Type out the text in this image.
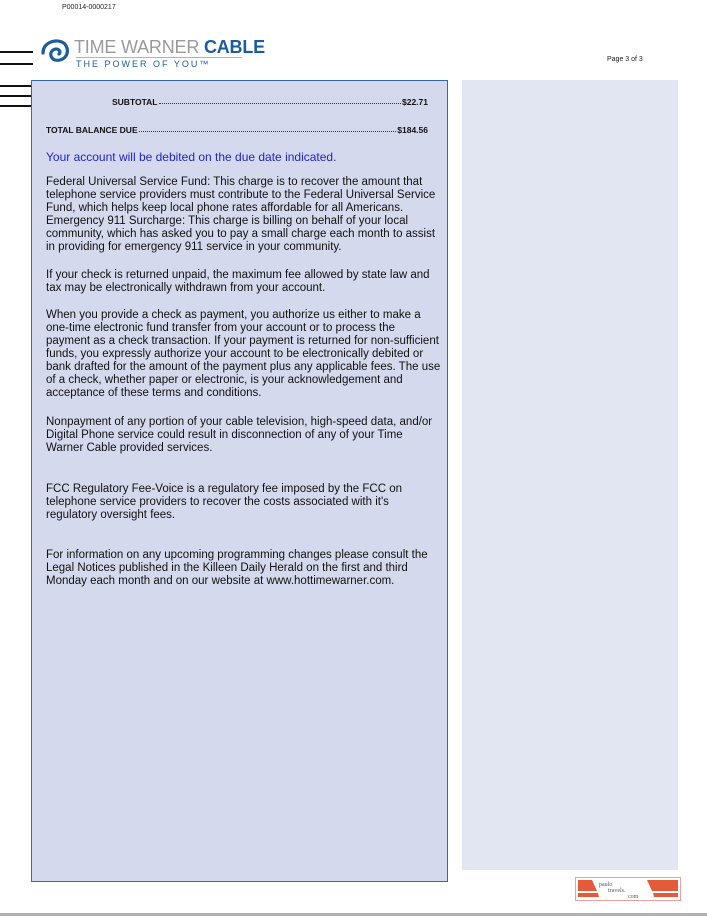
P00014-0000217
Page 3 of 3
TIME WARNER CABLE
THE POWER OF YOU™
SUBTOTAL	$22.71
TOTAL BALANCE DUE	$184.56
Your account will be debited on the due date indicated.
Federal Universal Service Fund: This charge is to recover the amount that telephone service providers must contribute to the Federal Universal Service Fund, which helps keep local phone rates affordable for all Americans. Emergency 911 Surcharge: This charge is billing on behalf of your local community, which has asked you to pay a small charge each month to assist in providing for emergency 911 service in your community.
If your check is returned unpaid, the maximum fee allowed by state law and tax may be electronically withdrawn from your account.
When you provide a check as payment, you authorize us either to make a one-time electronic fund transfer from your account or to process the payment as a check transaction. If your payment is returned for non-sufficient funds, you expressly authorize your account to be electronically debited or bank drafted for the amount of the payment plus any applicable fees. The use of a check, whether paper or electronic, is your acknowledgement and acceptance of these terms and conditions.
Nonpayment of any portion of your cable television, high-speed data, and/or Digital Phone service could result in disconnection of any of your Time Warner Cable provided services.
FCC Regulatory Fee-Voice is a regulatory fee imposed by the FCC on telephone service providers to recover the costs associated with it's regulatory oversight fees.
For information on any upcoming programming changes please consult the Legal Notices published in the Killeen Daily Herald on the first and third Monday each month and on our website at www.hottimewarner.com.
paulo
travels.
com
